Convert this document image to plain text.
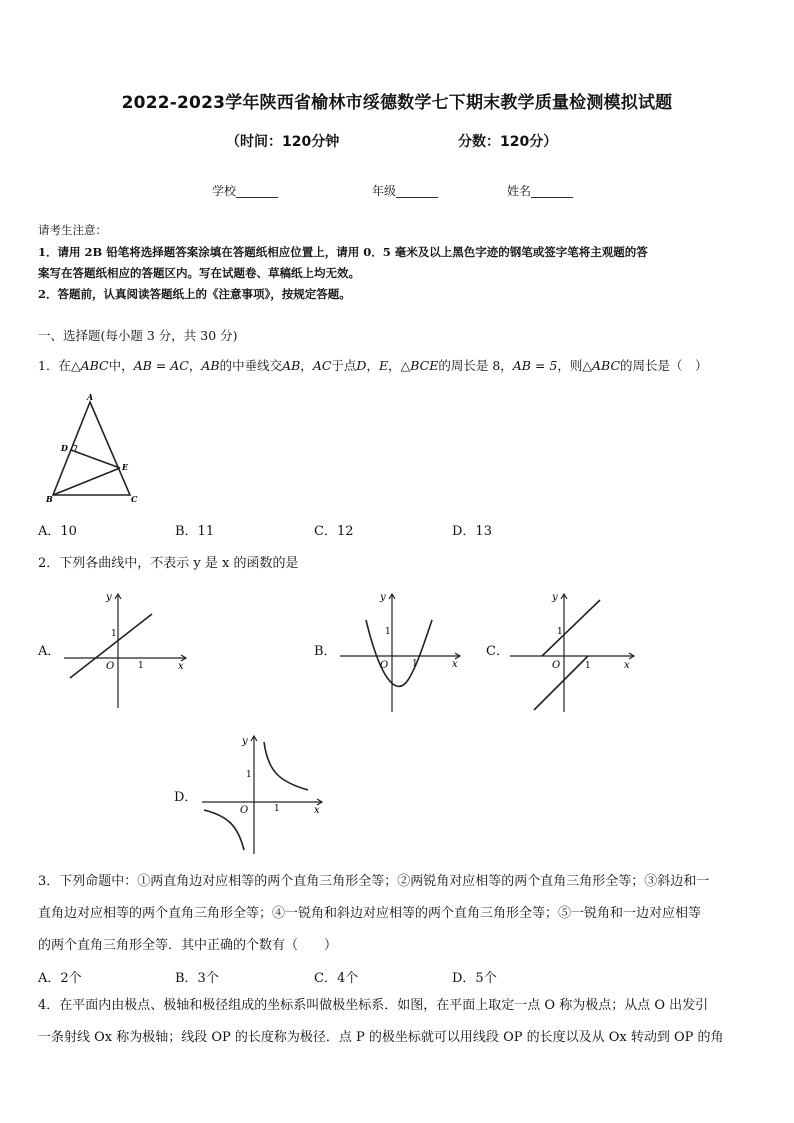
2022-2023学年陕西省榆林市绥德数学七下期末教学质量检测模拟试题
（时间：120分钟	分数：120分）
学校_______	年级_______	姓名_______
请考生注意：
1．请用 2B 铅笔将选择题答案涂填在答题纸相应位置上，请用 0．5 毫米及以上黑色字迹的钢笔或签字笔将主观题的答
案写在答题纸相应的答题区内。写在试题卷、草稿纸上均无效。
2．答题前，认真阅读答题纸上的《注意事项》，按规定答题。
一、选择题(每小题 3 分，共 30 分)
1．在△ABC中，AB = AC，AB的中垂线交AB，AC于点D，E，△BCE的周长是 8，AB = 5，则△ABC的周长是（　）
A
D
E
B	C
A．10	B．11	C．12	D．13
2．下列各曲线中，不表示 y 是 x 的函数的是
A．	B．	C．
D．
y
x
O	1
1
y
x
O	1
1
y
x
O	1
1
y
x
O	1
1
3．下列命题中：①两直角边对应相等的两个直角三角形全等；②两锐角对应相等的两个直角三角形全等；③斜边和一
直角边对应相等的两个直角三角形全等；④一锐角和斜边对应相等的两个直角三角形全等；⑤一锐角和一边对应相等
的两个直角三角形全等．其中正确的个数有（　　）
A．2个	B．3个	C．4个	D．5个
4．在平面内由极点、极轴和极径组成的坐标系叫做极坐标系．如图，在平面上取定一点 O 称为极点；从点 O 出发引
一条射线 Ox 称为极轴；线段 OP 的长度称为极径．点 P 的极坐标就可以用线段 OP 的长度以及从 Ox 转动到 OP 的角
